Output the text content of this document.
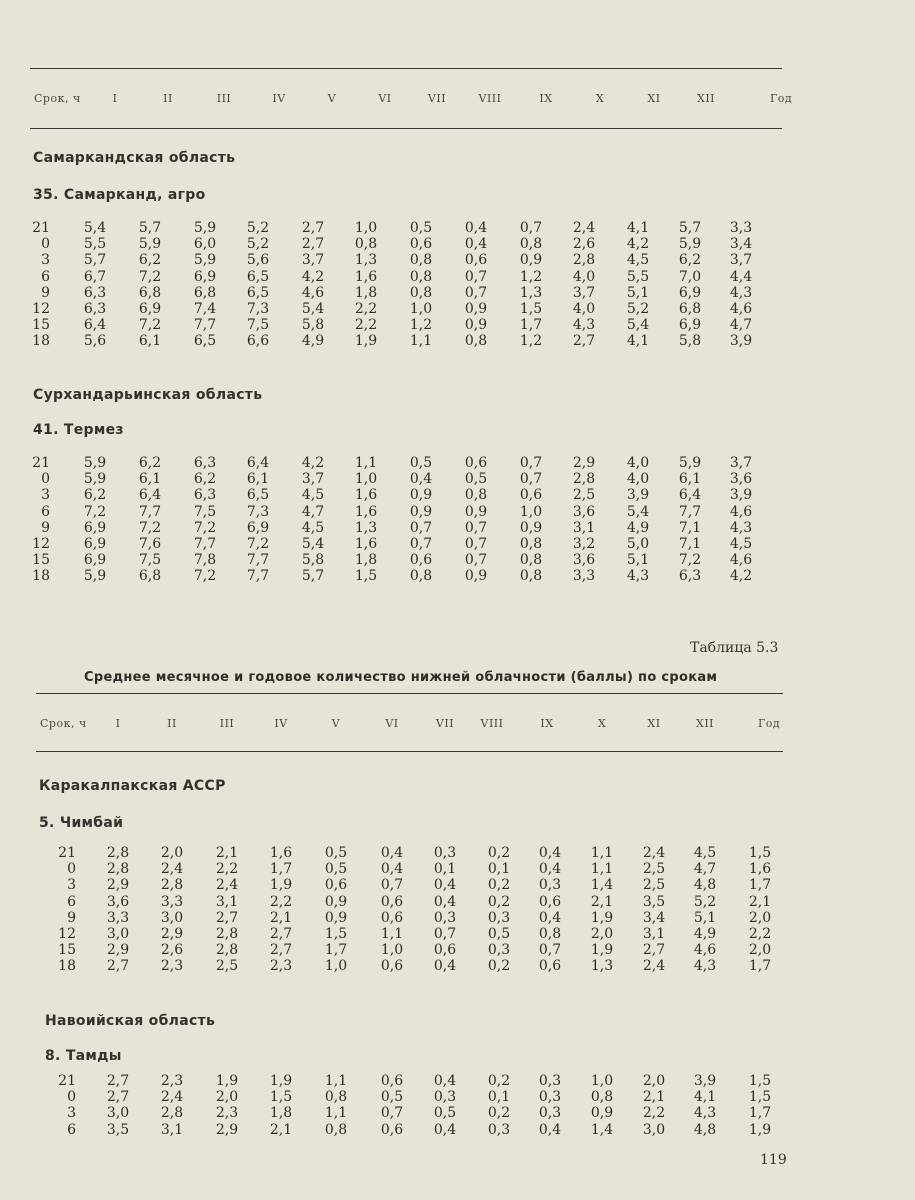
Срок, ч	I	II	III	IV	V	VI	VII	VIII	IX	X	XI	XII	Год
Самаркандская область
35. Самарканд, агро
21 5,4 5,7 5,9 5,2 2,7 1,0 0,5 0,4 0,7 2,4 4,1 5,7 3,3
0 5,5 5,9 6,0 5,2 2,7 0,8 0,6 0,4 0,8 2,6 4,2 5,9 3,4
3 5,7 6,2 5,9 5,6 3,7 1,3 0,8 0,6 0,9 2,8 4,5 6,2 3,7
6 6,7 7,2 6,9 6,5 4,2 1,6 0,8 0,7 1,2 4,0 5,5 7,0 4,4
9 6,3 6,8 6,8 6,5 4,6 1,8 0,8 0,7 1,3 3,7 5,1 6,9 4,3
12 6,3 6,9 7,4 7,3 5,4 2,2 1,0 0,9 1,5 4,0 5,2 6,8 4,6
15 6,4 7,2 7,7 7,5 5,8 2,2 1,2 0,9 1,7 4,3 5,4 6,9 4,7
18 5,6 6,1 6,5 6,6 4,9 1,9 1,1 0,8 1,2 2,7 4,1 5,8 3,9
Сурхандарьинская область
41. Термез
21 5,9 6,2 6,3 6,4 4,2 1,1 0,5 0,6 0,7 2,9 4,0 5,9 3,7
0 5,9 6,1 6,2 6,1 3,7 1,0 0,4 0,5 0,7 2,8 4,0 6,1 3,6
3 6,2 6,4 6,3 6,5 4,5 1,6 0,9 0,8 0,6 2,5 3,9 6,4 3,9
6 7,2 7,7 7,5 7,3 4,7 1,6 0,9 0,9 1,0 3,6 5,4 7,7 4,6
9 6,9 7,2 7,2 6,9 4,5 1,3 0,7 0,7 0,9 3,1 4,9 7,1 4,3
12 6,9 7,6 7,7 7,2 5,4 1,6 0,7 0,7 0,8 3,2 5,0 7,1 4,5
15 6,9 7,5 7,8 7,7 5,8 1,8 0,6 0,7 0,8 3,6 5,1 7,2 4,6
18 5,9 6,8 7,2 7,7 5,7 1,5 0,8 0,9 0,8 3,3 4,3 6,3 4,2
Таблица 5.3
Среднее месячное и годовое количество нижней облачности (баллы) по срокам
Срок, ч	I	II	III	IV	V	VI	VII VIII	IX	X	XI	XII	Год
Каракалпакская АССР
5. Чимбай
21 2,8 2,0 2,1 1,6 0,5 0,4 0,3 0,2 0,4 1,1 2,4 4,5 1,5
0 2,8 2,4 2,2 1,7 0,5 0,4 0,1 0,1 0,4 1,1 2,5 4,7 1,6
3 2,9 2,8 2,4 1,9 0,6 0,7 0,4 0,2 0,3 1,4 2,5 4,8 1,7
6 3,6 3,3 3,1 2,2 0,9 0,6 0,4 0,2 0,6 2,1 3,5 5,2 2,1
9 3,3 3,0 2,7 2,1 0,9 0,6 0,3 0,3 0,4 1,9 3,4 5,1 2,0
12 3,0 2,9 2,8 2,7 1,5 1,1 0,7 0,5 0,8 2,0 3,1 4,9 2,2
15 2,9 2,6 2,8 2,7 1,7 1,0 0,6 0,3 0,7 1,9 2,7 4,6 2,0
18 2,7 2,3 2,5 2,3 1,0 0,6 0,4 0,2 0,6 1,3 2,4 4,3 1,7
Навоийская область
8. Тамды
21 2,7 2,3 1,9 1,9 1,1 0,6 0,4 0,2 0,3 1,0 2,0 3,9 1,5
0 2,7 2,4 2,0 1,5 0,8 0,5 0,3 0,1 0,3 0,8 2,1 4,1 1,5
3 3,0 2,8 2,3 1,8 1,1 0,7 0,5 0,2 0,3 0,9 2,2 4,3 1,7
6 3,5 3,1 2,9 2,1 0,8 0,6 0,4 0,3 0,4 1,4 3,0 4,8 1,9
119
